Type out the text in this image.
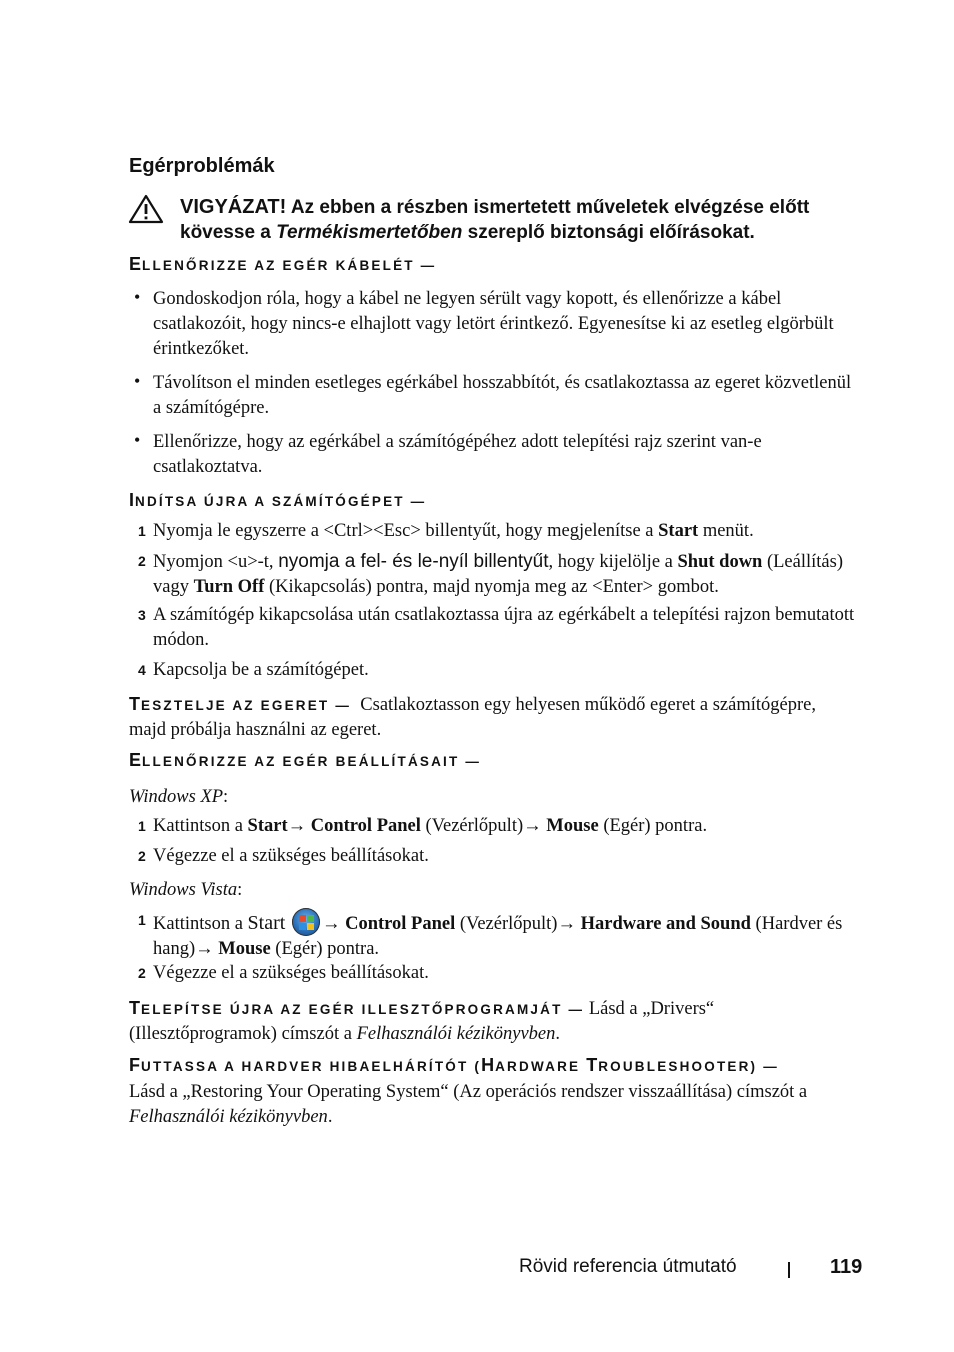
Egérproblémák
VIGYÁZAT! Az ebben a részben ismertetett műveletek elvégzése előtt kövesse a Termékismertetőben szereplő biztonsági előírásokat.
ELLENŐRIZZE AZ EGÉR KÁBELÉT —
• Gondoskodjon róla, hogy a kábel ne legyen sérült vagy kopott, és ellenőrizze a kábel csatlakozóit, hogy nincs-e elhajlott vagy letört érintkező. Egyenesítse ki az esetleg elgörbült érintkezőket.
• Távolítson el minden esetleges egérkábel hosszabbítót, és csatlakoztassa az egeret közvetlenül a számítógépre.
• Ellenőrizze, hogy az egérkábel a számítógépéhez adott telepítési rajz szerint van-e csatlakoztatva.
INDÍTSA ÚJRA A SZÁMÍTÓGÉPET —
1 Nyomja le egyszerre a <Ctrl><Esc> billentyűt, hogy megjelenítse a Start menüt.
2 Nyomjon <u>-t, nyomja a fel- és le-nyíl billentyűt, hogy kijelölje a Shut down (Leállítás) vagy Turn Off (Kikapcsolás) pontra, majd nyomja meg az <Enter> gombot.
3 A számítógép kikapcsolása után csatlakoztassa újra az egérkábelt a telepítési rajzon bemutatott módon.
4 Kapcsolja be a számítógépet.
TESZTELJE AZ EGERET — Csatlakoztasson egy helyesen működő egeret a számítógépre, majd próbálja használni az egeret.
ELLENŐRIZZE AZ EGÉR BEÁLLÍTÁSAIT —
Windows XP:
1 Kattintson a Start→ Control Panel (Vezérlőpult)→ Mouse (Egér) pontra.
2 Végezze el a szükséges beállításokat.
Windows Vista:
1 Kattintson a Start → Control Panel (Vezérlőpult)→ Hardware and Sound (Hardver és hang)→ Mouse (Egér) pontra.
2 Végezze el a szükséges beállításokat.
TELEPÍTSE ÚJRA AZ EGÉR ILLESZTŐPROGRAMJÁT — Lásd a „Drivers“ (Illesztőprogramok) címszót a Felhasználói kézikönyvben.
FUTTASSA A HARDVER HIBAELHÁRÍTÓT (HARDWARE TROUBLESHOOTER) —
Lásd a „Restoring Your Operating System“ (Az operációs rendszer visszaállítása) címszót a Felhasználói kézikönyvben.
Rövid referencia útmutató	119
